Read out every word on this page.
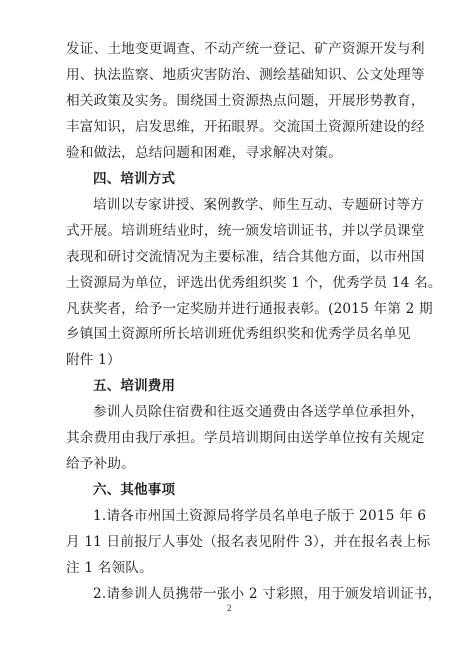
发证、土地变更调查、不动产统一登记、矿产资源开发与利
用、执法监察、地质灾害防治、测绘基础知识、公文处理等
相关政策及实务。围绕国土资源热点问题，开展形势教育，
丰富知识，启发思维，开拓眼界。交流国土资源所建设的经
验和做法，总结问题和困难，寻求解决对策。
四、培训方式
培训以专家讲授、案例教学、师生互动、专题研讨等方
式开展。培训班结业时，统一颁发培训证书，并以学员课堂
表现和研讨交流情况为主要标准，结合其他方面，以市州国
土资源局为单位，评选出优秀组织奖 1 个，优秀学员 14 名。
凡获奖者，给予一定奖励并进行通报表彰。(2015 年第 2 期
乡镇国土资源所所长培训班优秀组织奖和优秀学员名单见
附件 1）
五、培训费用
参训人员除住宿费和往返交通费由各送学单位承担外，
其余费用由我厅承担。学员培训期间由送学单位按有关规定
给予补助。
六、其他事项
1.请各市州国土资源局将学员名单电子版于 2015 年 6
月 11 日前报厅人事处（报名表见附件 3），并在报名表上标
注 1 名领队。
2.请参训人员携带一张小 2 寸彩照，用于颁发培训证书，
2
